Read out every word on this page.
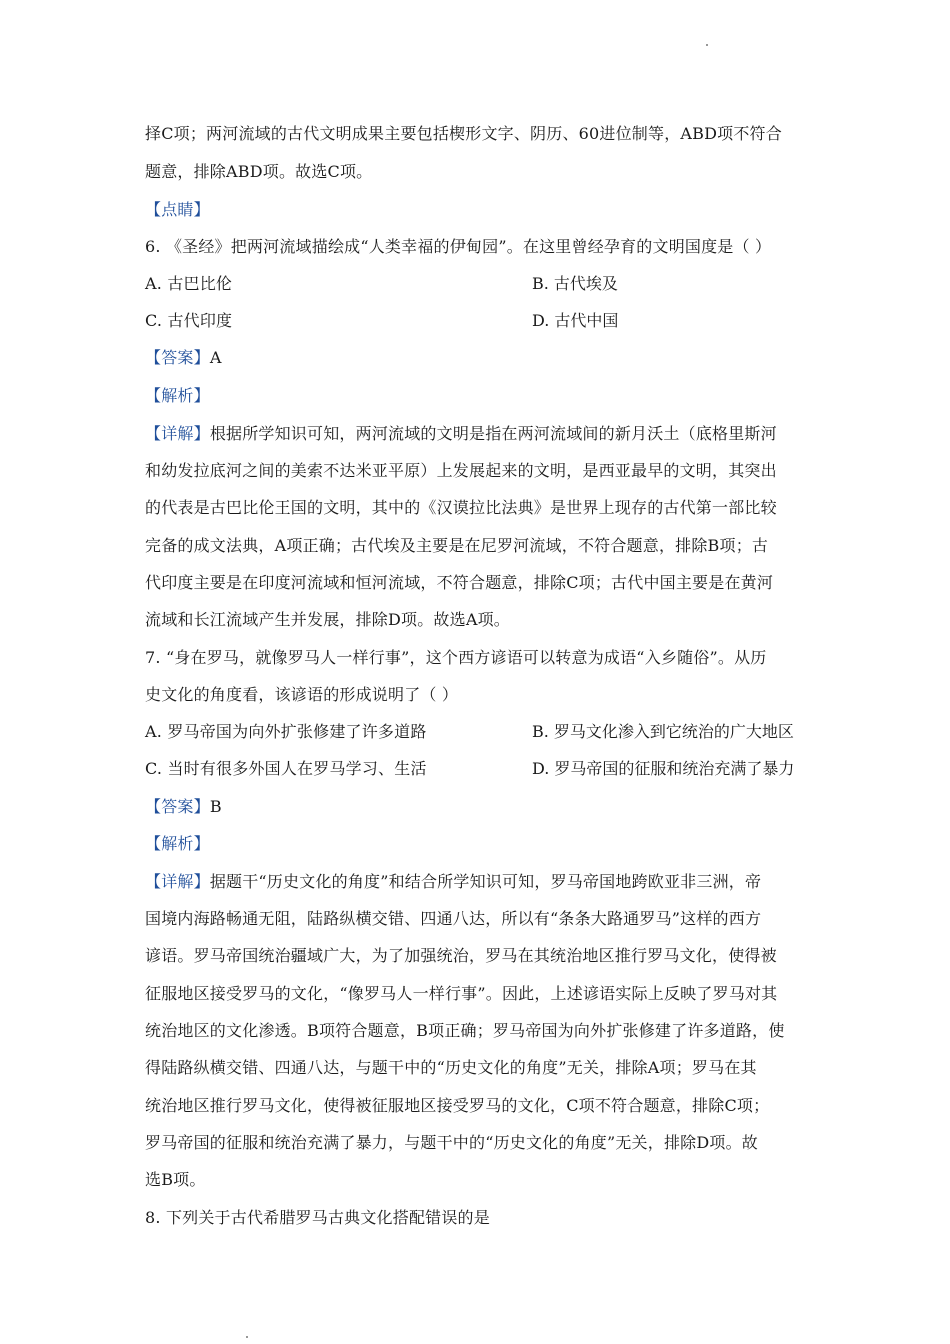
择C项；两河流域的古代文明成果主要包括楔形文字、阴历、60进位制等，ABD项不符合
题意，排除ABD项。故选C项。
【点睛】
6. 《圣经》把两河流域描绘成“人类幸福的伊甸园”。在这里曾经孕育的文明国度是（ ）
A. 古巴比伦	B. 古代埃及
C. 古代印度	D. 古代中国
【答案】A
【解析】
【详解】根据所学知识可知，两河流域的文明是指在两河流域间的新月沃土（底格里斯河
和幼发拉底河之间的美索不达米亚平原）上发展起来的文明，是西亚最早的文明，其突出
的代表是古巴比伦王国的文明，其中的《汉谟拉比法典》是世界上现存的古代第一部比较
完备的成文法典，A项正确；古代埃及主要是在尼罗河流域，不符合题意，排除B项；古
代印度主要是在印度河流域和恒河流域，不符合题意，排除C项；古代中国主要是在黄河
流域和长江流域产生并发展，排除D项。故选A项。
7. “身在罗马，就像罗马人一样行事”，这个西方谚语可以转意为成语“入乡随俗”。从历
史文化的角度看，该谚语的形成说明了（ ）
A. 罗马帝国为向外扩张修建了许多道路	B. 罗马文化渗入到它统治的广大地区
C. 当时有很多外国人在罗马学习、生活	D. 罗马帝国的征服和统治充满了暴力
【答案】B
【解析】
【详解】据题干“历史文化的角度”和结合所学知识可知，罗马帝国地跨欧亚非三洲，帝
国境内海路畅通无阻，陆路纵横交错、四通八达，所以有“条条大路通罗马”这样的西方
谚语。罗马帝国统治疆域广大，为了加强统治，罗马在其统治地区推行罗马文化，使得被
征服地区接受罗马的文化，“像罗马人一样行事”。因此，上述谚语实际上反映了罗马对其
统治地区的文化渗透。B项符合题意，B项正确；罗马帝国为向外扩张修建了许多道路，使
得陆路纵横交错、四通八达，与题干中的“历史文化的角度”无关，排除A项；罗马在其
统治地区推行罗马文化，使得被征服地区接受罗马的文化，C项不符合题意，排除C项；
罗马帝国的征服和统治充满了暴力，与题干中的“历史文化的角度”无关，排除D项。故
选B项。
8. 下列关于古代希腊罗马古典文化搭配错误的是
